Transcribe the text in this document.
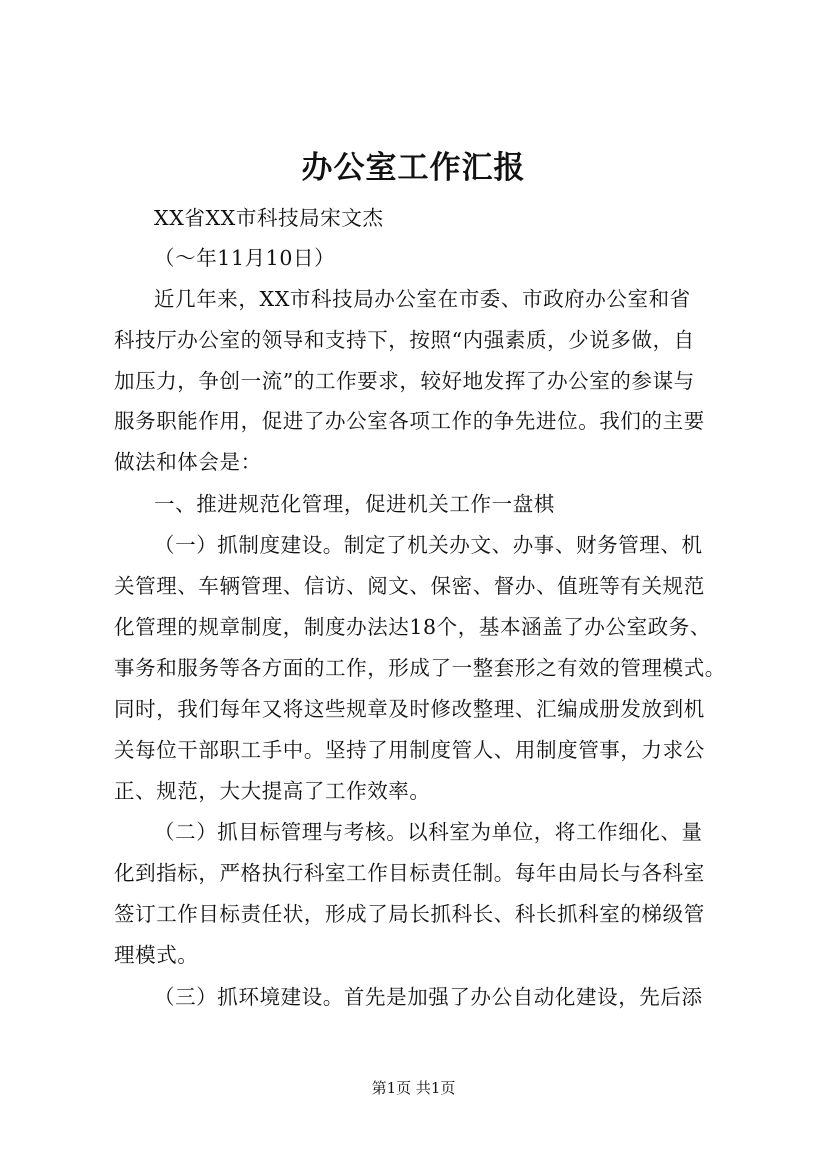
办公室工作汇报
XX省XX市科技局宋文杰
（～年11月10日）
近几年来，XX市科技局办公室在市委、市政府办公室和省
科技厅办公室的领导和支持下，按照“内强素质，少说多做，自
加压力，争创一流”的工作要求，较好地发挥了办公室的参谋与
服务职能作用，促进了办公室各项工作的争先进位。我们的主要
做法和体会是：
一、推进规范化管理，促进机关工作一盘棋
（一）抓制度建设。制定了机关办文、办事、财务管理、机
关管理、车辆管理、信访、阅文、保密、督办、值班等有关规范
化管理的规章制度，制度办法达18个，基本涵盖了办公室政务、
事务和服务等各方面的工作，形成了一整套形之有效的管理模式。
同时，我们每年又将这些规章及时修改整理、汇编成册发放到机
关每位干部职工手中。坚持了用制度管人、用制度管事，力求公
正、规范，大大提高了工作效率。
（二）抓目标管理与考核。以科室为单位，将工作细化、量
化到指标，严格执行科室工作目标责任制。每年由局长与各科室
签订工作目标责任状，形成了局长抓科长、科长抓科室的梯级管
理模式。
（三）抓环境建设。首先是加强了办公自动化建设，先后添
第1页 共1页
